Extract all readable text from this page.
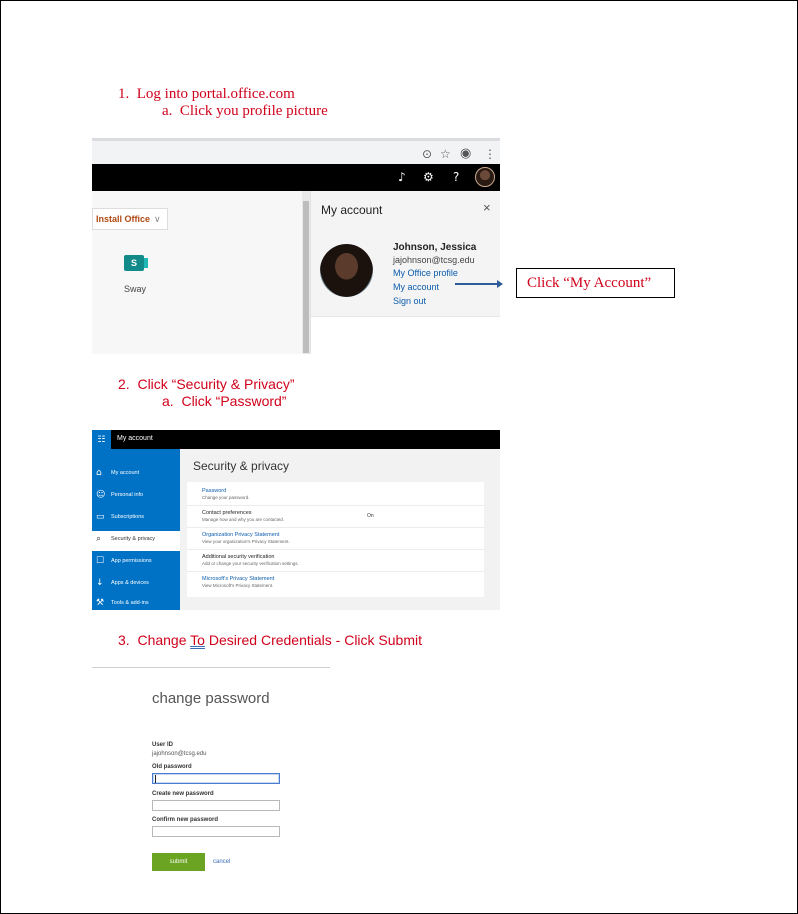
1.  Log into portal.office.com
a.  Click you profile picture
⊙ ☆ ◉ ⋮
♪ ⚙ ?
Install Office ∨
S
Sway
My account	×
Johnson, Jessica
jajohnson@tcsg.edu
My Office profile
My account
Sign out
Click “My Account”
2.  Click “Security & Privacy”
a.  Click “Password”
☷	My account
⌂ My account
☺ Personal info
▭ Subscriptions
⌕ Security & privacy
☐ App permissions
↓ Apps & devices
⚒ Tools & add-ins
Security & privacy
Password
Change your password.
Contact preferences
Manage how and why you are contacted.
On
Organization Privacy Statement
View your organization's Privacy Statement.
Additional security verification
Add or change your security verification settings.
Microsoft's Privacy Statement
View Microsoft's Privacy Statement.
3.  Change To Desired Credentials - Click Submit
change password
User ID
jajohnson@tcsg.edu
Old password
Create new password
Confirm new password
submit	cancel
